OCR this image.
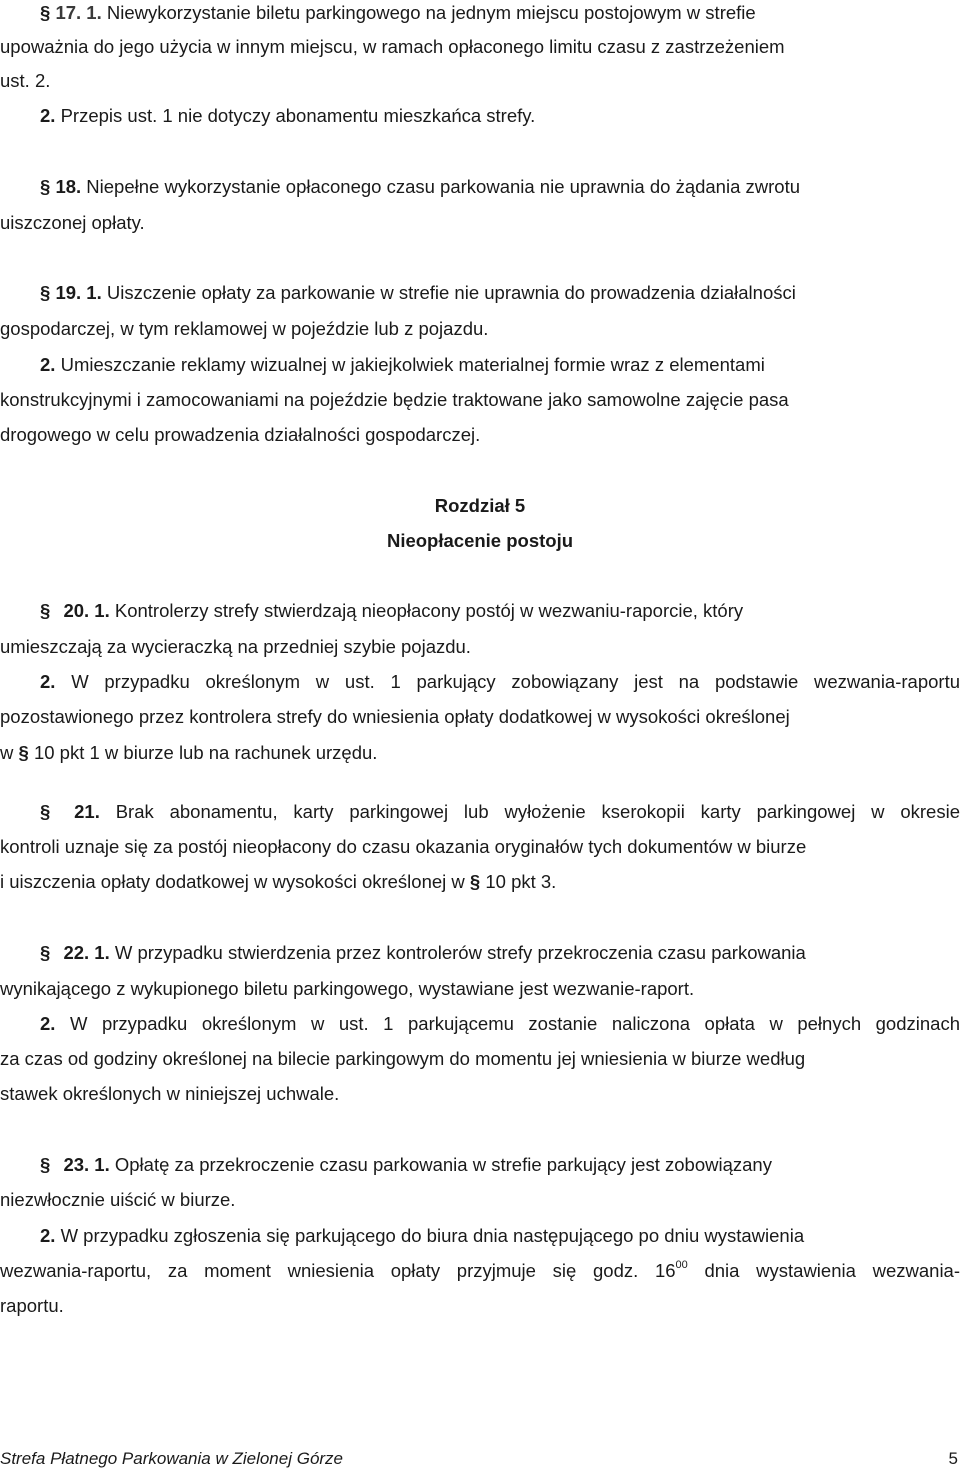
§ 17. 1. Niewykorzystanie biletu parkingowego na jednym miejscu postojowym w strefie
upoważnia do jego użycia w innym miejscu, w ramach opłaconego limitu czasu z zastrzeżeniem
ust. 2.
2. Przepis ust. 1 nie dotyczy abonamentu mieszkańca strefy.
§ 18. Niepełne wykorzystanie opłaconego czasu parkowania nie uprawnia do żądania zwrotu
uiszczonej opłaty.
§ 19. 1. Uiszczenie opłaty za parkowanie w strefie nie uprawnia do prowadzenia działalności
gospodarczej, w tym reklamowej w pojeździe lub z pojazdu.
2. Umieszczanie reklamy wizualnej w jakiejkolwiek materialnej formie wraz z elementami
konstrukcyjnymi i zamocowaniami na pojeździe będzie traktowane jako samowolne zajęcie pasa
drogowego w celu prowadzenia działalności gospodarczej.
Rozdział 5
Nieopłacenie postoju
§ 20. 1. Kontrolerzy strefy stwierdzają nieopłacony postój w wezwaniu-raporcie, który
umieszczają za wycieraczką na przedniej szybie pojazdu.
2. W przypadku określonym w ust. 1 parkujący zobowiązany jest na podstawie wezwania-raportu
pozostawionego przez kontrolera strefy do wniesienia opłaty dodatkowej w wysokości określonej
w § 10 pkt 1 w biurze lub na rachunek urzędu.
§ 21. Brak abonamentu, karty parkingowej lub wyłożenie kserokopii karty parkingowej w okresie
kontroli uznaje się za postój nieopłacony do czasu okazania oryginałów tych dokumentów w biurze
i uiszczenia opłaty dodatkowej w wysokości określonej w § 10 pkt 3.
§ 22. 1. W przypadku stwierdzenia przez kontrolerów strefy przekroczenia czasu parkowania
wynikającego z wykupionego biletu parkingowego, wystawiane jest wezwanie-raport.
2. W przypadku określonym w ust. 1 parkującemu zostanie naliczona opłata w pełnych godzinach
za czas od godziny określonej na bilecie parkingowym do momentu jej wniesienia w biurze według
stawek określonych w niniejszej uchwale.
§ 23. 1. Opłatę za przekroczenie czasu parkowania w strefie parkujący jest zobowiązany
niezwłocznie uiścić w biurze.
2. W przypadku zgłoszenia się parkującego do biura dnia następującego po dniu wystawienia
wezwania-raportu, za moment wniesienia opłaty przyjmuje się godz. $16^{00}$ dnia wystawienia wezwania-
raportu.
Strefa Płatnego Parkowania w Zielonej Górze	5
